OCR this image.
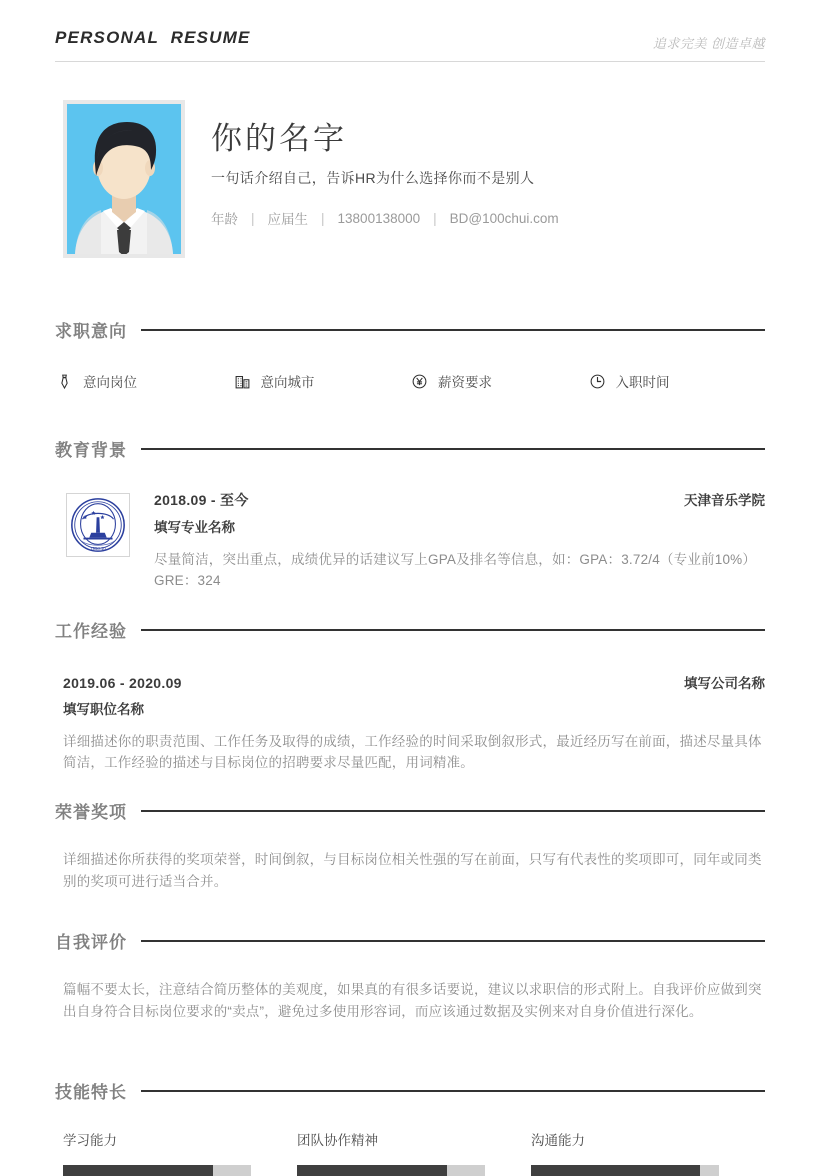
PERSONAL  RESUME	追求完美 创造卓越
你的名字
一句话介绍自己，告诉HR为什么选择你而不是别人
年龄 | 应届生 | 13800138000 | BD@100chui.com
求职意向
意向岗位	意向城市	薪资要求	入职时间
教育背景
1958.10
2018.09 - 至今	天津音乐学院
填写专业名称
尽量简洁，突出重点，成绩优异的话建议写上GPA及排名等信息，如：GPA：3.72/4（专业前10%） GRE：324
工作经验
2019.06 - 2020.09	填写公司名称
填写职位名称
详细描述你的职责范围、工作任务及取得的成绩，工作经验的时间采取倒叙形式，最近经历写在前面，描述尽量具体简洁，工作经验的描述与目标岗位的招聘要求尽量匹配，用词精准。
荣誉奖项
详细描述你所获得的奖项荣誉，时间倒叙，与目标岗位相关性强的写在前面，只写有代表性的奖项即可，同年或同类别的奖项可进行适当合并。
自我评价
篇幅不要太长，注意结合简历整体的美观度，如果真的有很多话要说，建议以求职信的形式附上。自我评价应做到突出自身符合目标岗位要求的“卖点”，避免过多使用形容词，而应该通过数据及实例来对自身价值进行深化。
技能特长
学习能力	团队协作精神	沟通能力
